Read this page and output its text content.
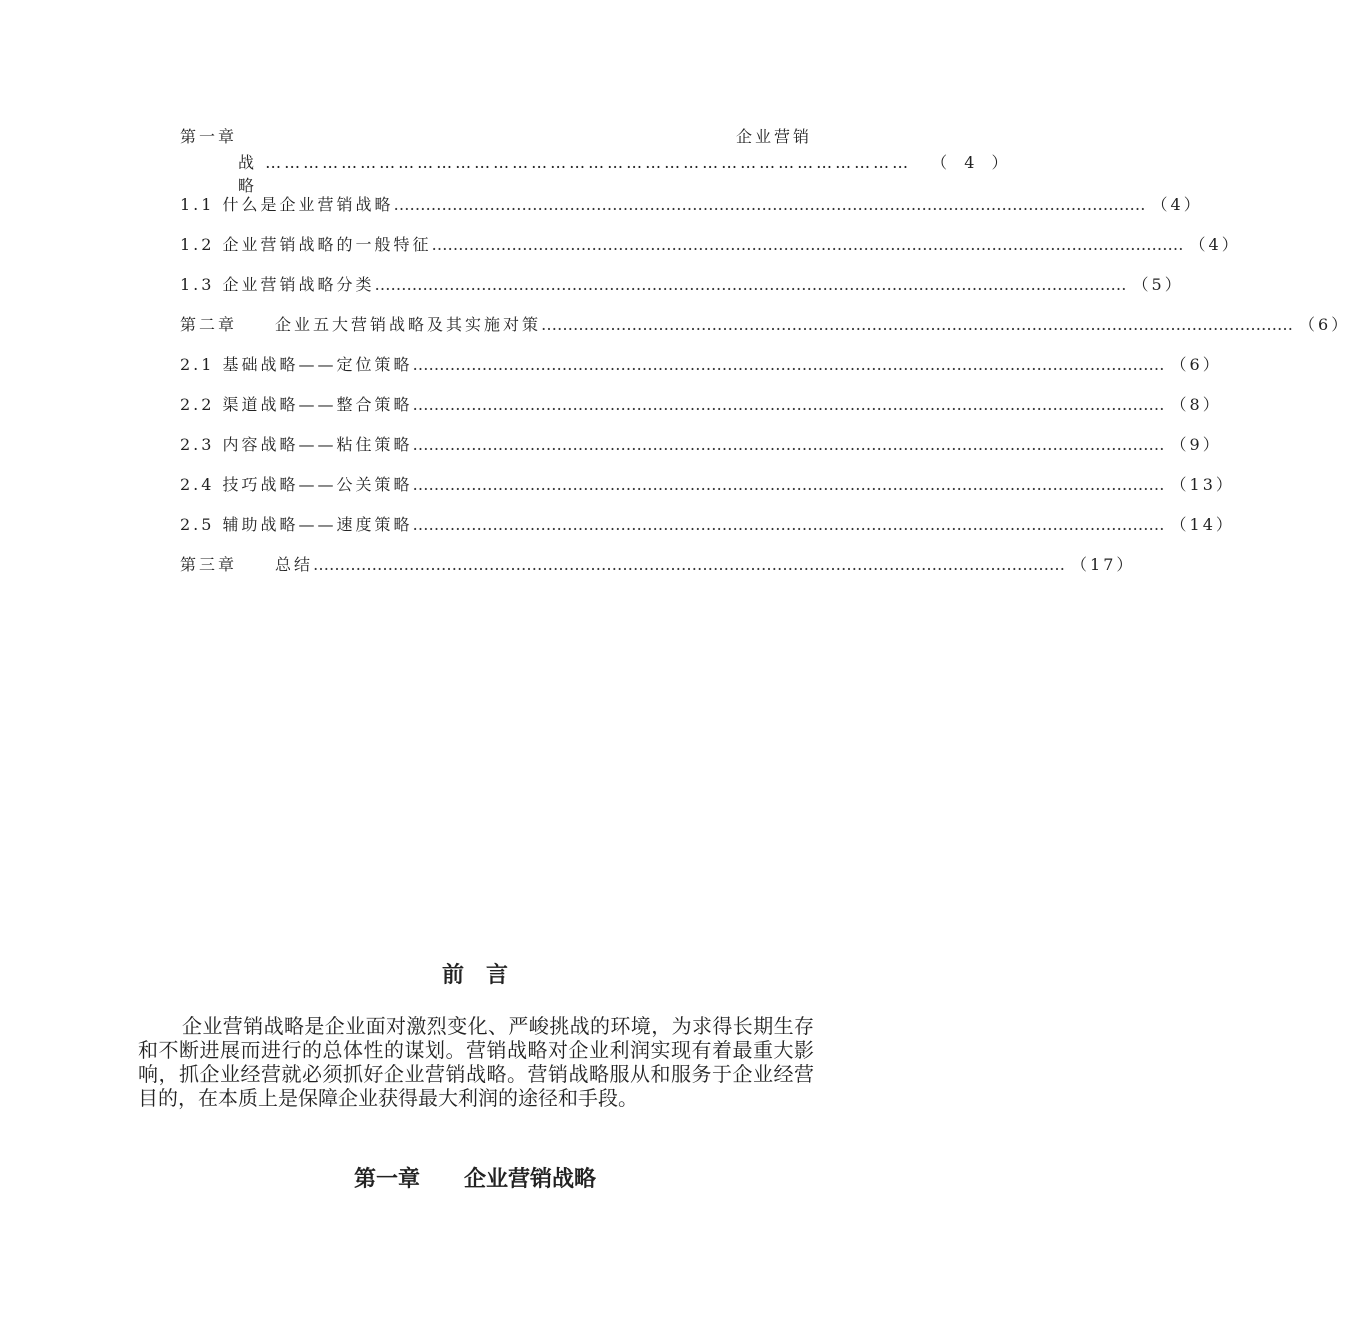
第一章	企业营销
战 略
…………………………………………………………………………………………	（ 4 ）
1.1 什么是企业营销战略 …………………………………………………………………………………………………………………………… （4）
1.2 企业营销战略的一般特征 …………………………………………………………………………………………………………………………… （4）
1.3 企业营销战略分类 …………………………………………………………………………………………………………………………… （5）
第二章　　企业五大营销战略及其实施对策 …………………………………………………………………………………………………………………………… （6）
2.1 基础战略——定位策略 …………………………………………………………………………………………………………………………… （6）
2.2 渠道战略——整合策略 …………………………………………………………………………………………………………………………… （8）
2.3 内容战略——粘住策略 …………………………………………………………………………………………………………………………… （9）
2.4 技巧战略——公关策略 …………………………………………………………………………………………………………………………… （13）
2.5 辅助战略——速度策略 …………………………………………………………………………………………………………………………… （14）
第三章　　总结 …………………………………………………………………………………………………………………………… （17）
前言
企业营销战略是企业面对激烈变化、严峻挑战的环境，为求得长期生存和不断进展而进行的总体性的谋划。营销战略对企业利润实现有着最重大影响，抓企业经营就必须抓好企业营销战略。营销战略服从和服务于企业经营目的，在本质上是保障企业获得最大利润的途径和手段。
第一章　　企业营销战略
